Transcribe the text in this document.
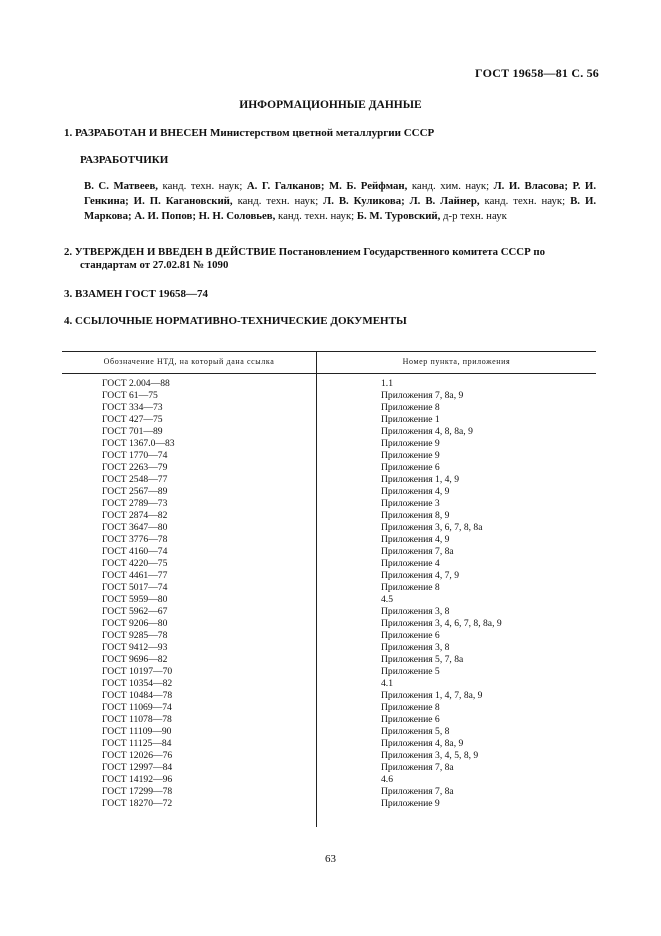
ГОСТ 19658—81 С. 56
ИНФОРМАЦИОННЫЕ ДАННЫЕ
1. РАЗРАБОТАН И ВНЕСЕН Министерством цветной металлургии СССР
РАЗРАБОТЧИКИ
В. С. Матвеев, канд. техн. наук; А. Г. Галканов; М. Б. Рейфман, канд. хим. наук; Л. И. Власова; Р. И. Генкина; И. П. Кагановский, канд. техн. наук; Л. В. Куликова; Л. В. Лайнер, канд. техн. наук; В. И. Маркова; А. И. Попов; Н. Н. Соловьев, канд. техн. наук; Б. М. Туровский, д-р техн. наук
2. УТВЕРЖДЕН И ВВЕДЕН В ДЕЙСТВИЕ Постановлением Государственного комитета СССР по
стандартам от 27.02.81 № 1090
3. ВЗАМЕН ГОСТ 19658—74
4. ССЫЛОЧНЫЕ НОРМАТИВНО-ТЕХНИЧЕСКИЕ ДОКУМЕНТЫ
Обозначение НТД, на который дана ссылка	Номер пункта, приложения
ГОСТ 2.004—88	1.1
ГОСТ 61—75	Приложения 7, 8а, 9
ГОСТ 334—73	Приложение 8
ГОСТ 427—75	Приложение 1
ГОСТ 701—89	Приложения 4, 8, 8а, 9
ГОСТ 1367.0—83	Приложение 9
ГОСТ 1770—74	Приложение 9
ГОСТ 2263—79	Приложение 6
ГОСТ 2548—77	Приложения 1, 4, 9
ГОСТ 2567—89	Приложения 4, 9
ГОСТ 2789—73	Приложение 3
ГОСТ 2874—82	Приложения 8, 9
ГОСТ 3647—80	Приложения 3, 6, 7, 8, 8а
ГОСТ 3776—78	Приложения 4, 9
ГОСТ 4160—74	Приложения 7, 8а
ГОСТ 4220—75	Приложение 4
ГОСТ 4461—77	Приложения 4, 7, 9
ГОСТ 5017—74	Приложение 8
ГОСТ 5959—80	4.5
ГОСТ 5962—67	Приложения 3, 8
ГОСТ 9206—80	Приложения 3, 4, 6, 7, 8, 8а, 9
ГОСТ 9285—78	Приложение 6
ГОСТ 9412—93	Приложения 3, 8
ГОСТ 9696—82	Приложения 5, 7, 8а
ГОСТ 10197—70	Приложение 5
ГОСТ 10354—82	4.1
ГОСТ 10484—78	Приложения 1, 4, 7, 8а, 9
ГОСТ 11069—74	Приложение 8
ГОСТ 11078—78	Приложение 6
ГОСТ 11109—90	Приложения 5, 8
ГОСТ 11125—84	Приложения 4, 8а, 9
ГОСТ 12026—76	Приложения 3, 4, 5, 8, 9
ГОСТ 12997—84	Приложения 7, 8а
ГОСТ 14192—96	4.6
ГОСТ 17299—78	Приложения 7, 8а
ГОСТ 18270—72	Приложение 9
63
